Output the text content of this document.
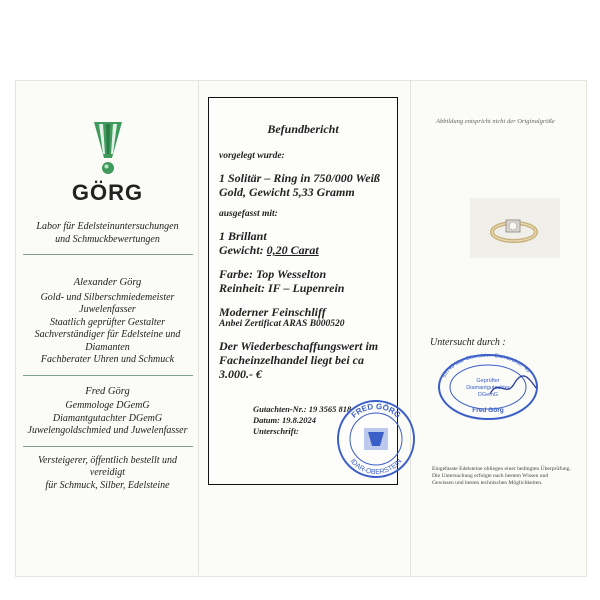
GÖRG
Labor für Edelsteinuntersuchungen
und Schmuckbewertungen
Alexander Görg
Gold- und Silberschmiedemeister
Juwelenfasser
Staatlich geprüfter Gestalter
Sachverständiger für Edelsteine und Diamanten
Fachberater Uhren und Schmuck
Fred Görg
Gemmologe DGemG
Diamantgutachter DGemG
Juwelengoldschmied und Juwelenfasser
Versteigerer, öffentlich bestellt und vereidigt
für Schmuck, Silber, Edelsteine
Befundbericht
vorgelegt wurde:
1 Solitär – Ring in 750/000 Weiß
Gold, Gewicht 5,33 Gramm
ausgefasst mit:
1 Brillant
Gewicht: 0,20 Carat
Farbe: Top Wesselton
Reinheit: IF – Lupenrein
Moderner Feinschliff
Anbei Zertificat ARAS B000520
Der Wiederbeschaffungswert im
Facheinzelhandel liegt bei ca
3.000.- €
Gutachten-Nr.: 19 3565 818
Datum: 19.8.2024
Unterschrift:
FRED GÖRG
IDAR-OBERSTEIN
Abbildung entspricht nicht der Originalgröße
Untersucht durch :
55743 Idar-Oberstein · Bismarckstr. 40
Geprüfter
Diamantgutachter
DGemG
Fred Görg
Eingefasste Edelsteine obliegen einer bedingten Überprüfung.
Die Untersuchung erfolgte nach bestem Wissen und
Gewissen und besten technischen Möglichkeiten.
